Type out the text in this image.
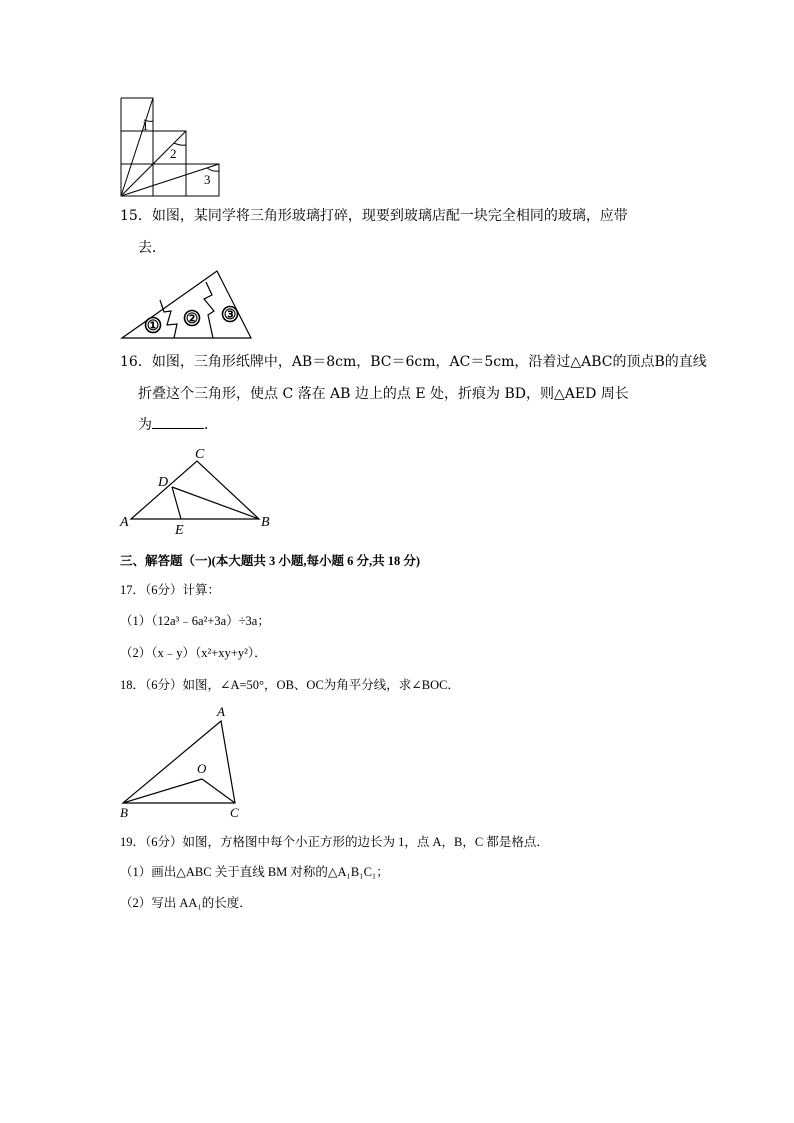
1
2
3
15．如图，某同学将三角形玻璃打碎，现要到玻璃店配一块完全相同的玻璃，应带
去．
① ② ③
16．如图，三角形纸牌中，AB＝8cm，BC＝6cm，AC＝5cm，沿着过△ABC的顶点B的直线
折叠这个三角形，使点 C 落在 AB 边上的点 E 处，折痕为 BD，则△AED 周长
为	．
C
D
A
E
B
三、解答题（一)(本大题共 3 小题,每小题 6 分,共 18 分)
17．（6分）计算：
（1）（12a³﹣6a²+3a）÷3a；
（2）（x﹣y）（x²+xy+y²）．
18．（6分）如图，∠A=50°，OB、OC为角平分线，求∠BOC．
A
O
B	C
19．（6分）如图，方格图中每个小正方形的边长为 1，点 A，B，C 都是格点．
（1）画出△ABC 关于直线 BM 对称的△A₁B₁C₁；
（2）写出 AA₁的长度．
